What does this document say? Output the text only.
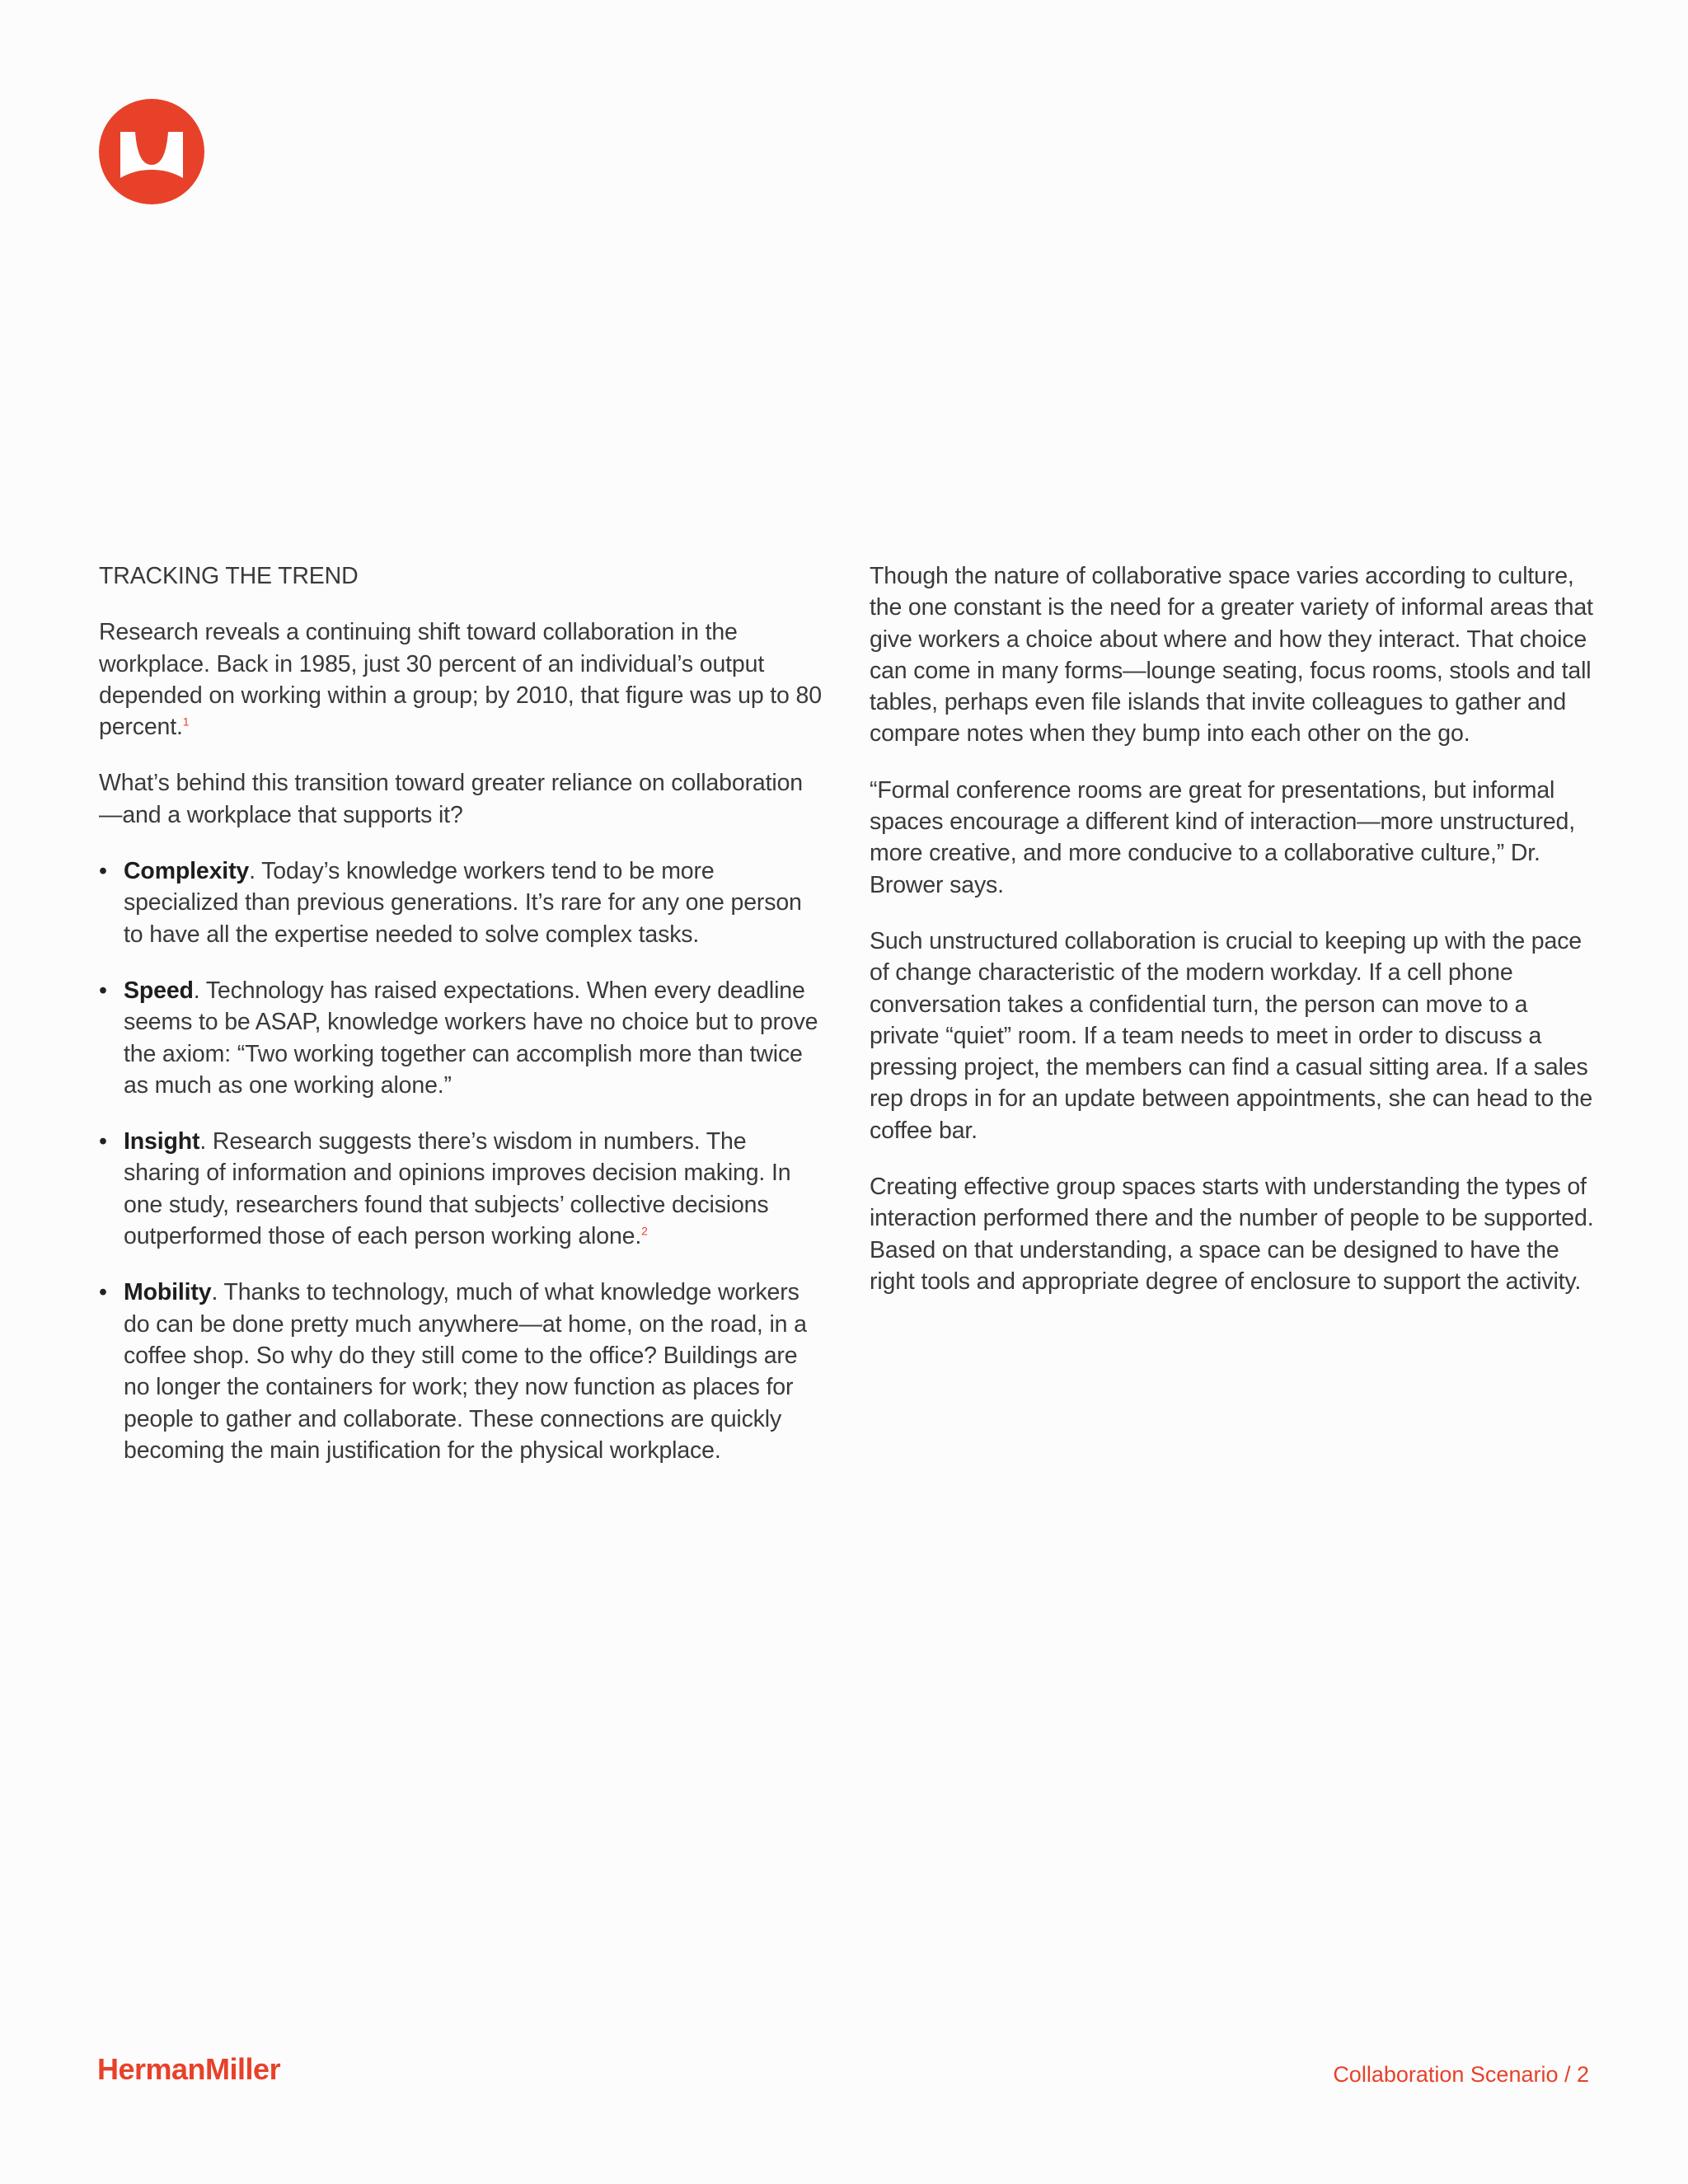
TRACKING THE TREND

Research reveals a continuing shift toward collaboration in the workplace. Back in 1985, just 30 percent of an individual’s output depended on working within a group; by 2010, that figure was up to 80 percent.$^1$

What’s behind this transition toward greater reliance on collaboration—and a workplace that supports it?

• Complexity. Today’s knowledge workers tend to be more specialized than previous generations. It’s rare for any one person to have all the expertise needed to solve complex tasks.
• Speed. Technology has raised expectations. When every deadline seems to be ASAP, knowledge workers have no choice but to prove the axiom: “Two working together can accomplish more than twice as much as one working alone.”
• Insight. Research suggests there’s wisdom in numbers. The sharing of information and opinions improves decision making. In one study, researchers found that subjects’ collective decisions outperformed those of each person working alone.$^2$
• Mobility. Thanks to technology, much of what knowledge workers do can be done pretty much anywhere—at home, on the road, in a coffee shop. So why do they still come to the office? Buildings are no longer the containers for work; they now function as places for people to gather and collaborate. These connections are quickly becoming the main justification for the physical workplace.

Though the nature of collaborative space varies according to culture, the one constant is the need for a greater variety of informal areas that give workers a choice about where and how they interact. That choice can come in many forms—lounge seating, focus rooms, stools and tall tables, perhaps even file islands that invite colleagues to gather and compare notes when they bump into each other on the go.

“Formal conference rooms are great for presentations, but informal spaces encourage a different kind of interaction—more unstructured, more creative, and more conducive to a collaborative culture,” Dr. Brower says.

Such unstructured collaboration is crucial to keeping up with the pace of change characteristic of the modern workday. If a cell phone conversation takes a confidential turn, the person can move to a private “quiet” room. If a team needs to meet in order to discuss a pressing project, the members can find a casual sitting area. If a sales rep drops in for an update between appointments, she can head to the coffee bar.

Creating effective group spaces starts with understanding the types of interaction performed there and the number of people to be supported. Based on that understanding, a space can be designed to have the right tools and appropriate degree of enclosure to support the activity.

HermanMiller	Collaboration Scenario / 2
